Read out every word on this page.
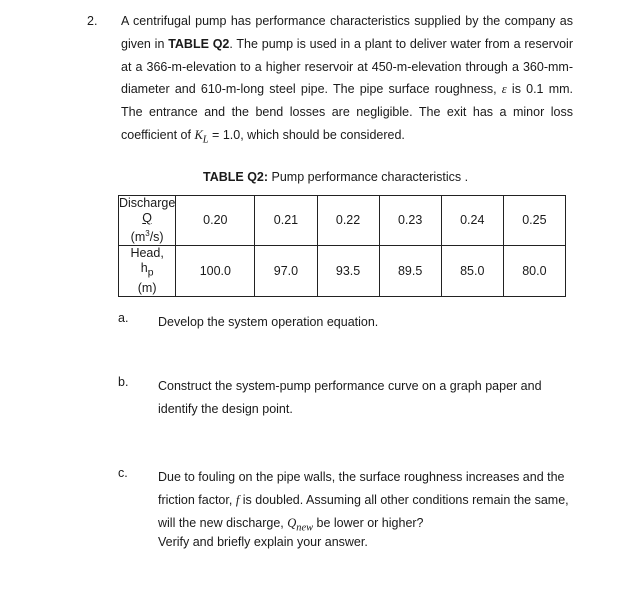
2. A centrifugal pump has performance characteristics supplied by the company as given in TABLE Q2. The pump is used in a plant to deliver water from a reservoir at a 366-m-elevation to a higher reservoir at 450-m-elevation through a 360-mm-diameter and 610-m-long steel pipe. The pipe surface roughness, ε is 0.1 mm. The entrance and the bend losses are negligible. The exit has a minor loss coefficient of $K_L = 1.0$, which should be considered.
TABLE Q2: Pump performance characteristics .
Discharge
Q
$(m^3/s)$	0.20	0.21	0.22	0.23	0.24	0.25

Head,
$h_p$
(m)	100.0	97.0	93.5	89.5	85.0	80.0
a. Develop the system operation equation.
b. Construct the system-pump performance curve on a graph paper and identify the design point.
c. Due to fouling on the pipe walls, the surface roughness increases and the friction factor, f is doubled. Assuming all other conditions remain the same, will the new discharge, $Q_{new}$ be lower or higher?
Verify and briefly explain your answer.
